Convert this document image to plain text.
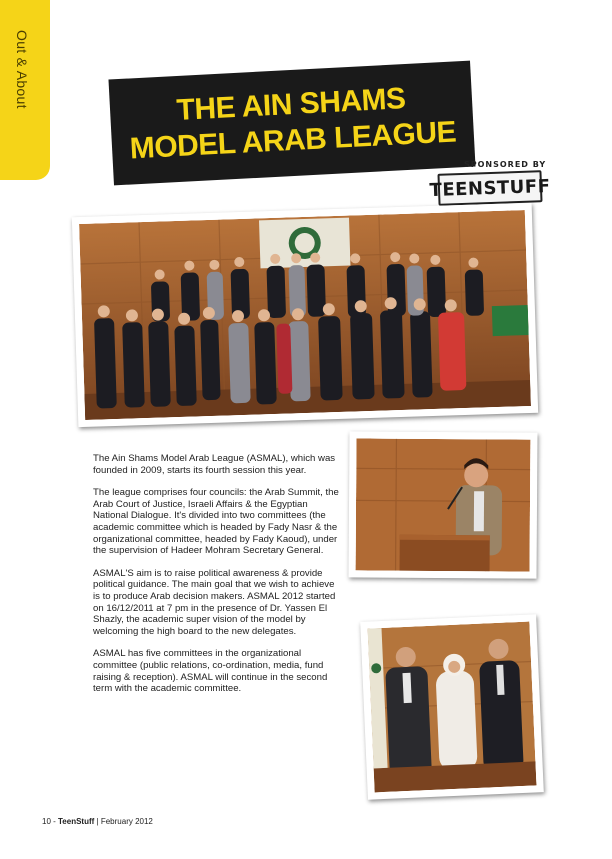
Out & About	THE AIN SHAMS
MODEL ARAB LEAGUE SPONSORED BY
TEENSTUFF

The Ain Shams Model Arab League (ASMAL), which was founded in 2009, starts its fourth session this year.

The league comprises four councils: the Arab Summit, the Arab Court of Justice, Israeli Affairs & the Egyptian National Dialogue. It's divided into two committees (the academic committee which is headed by Fady Nasr & the organizational committee, headed by Fady Kaoud), under the supervision of Hadeer Mohram Secretary General.

ASMAL'S aim is to raise political awareness & provide political guidance. The main goal that we wish to achieve is to produce Arab decision makers. ASMAL 2012 started on 16/12/2011 at 7 pm in the presence of Dr. Yassen El Shazly, the academic super vision of the model by welcoming the high board to the new delegates.

ASMAL has five committees in the organizational committee (public relations, co-ordination, media, fund raising & reception). ASMAL will continue in the second term with the academic committee.

10 - TeenStuff | February 2012
